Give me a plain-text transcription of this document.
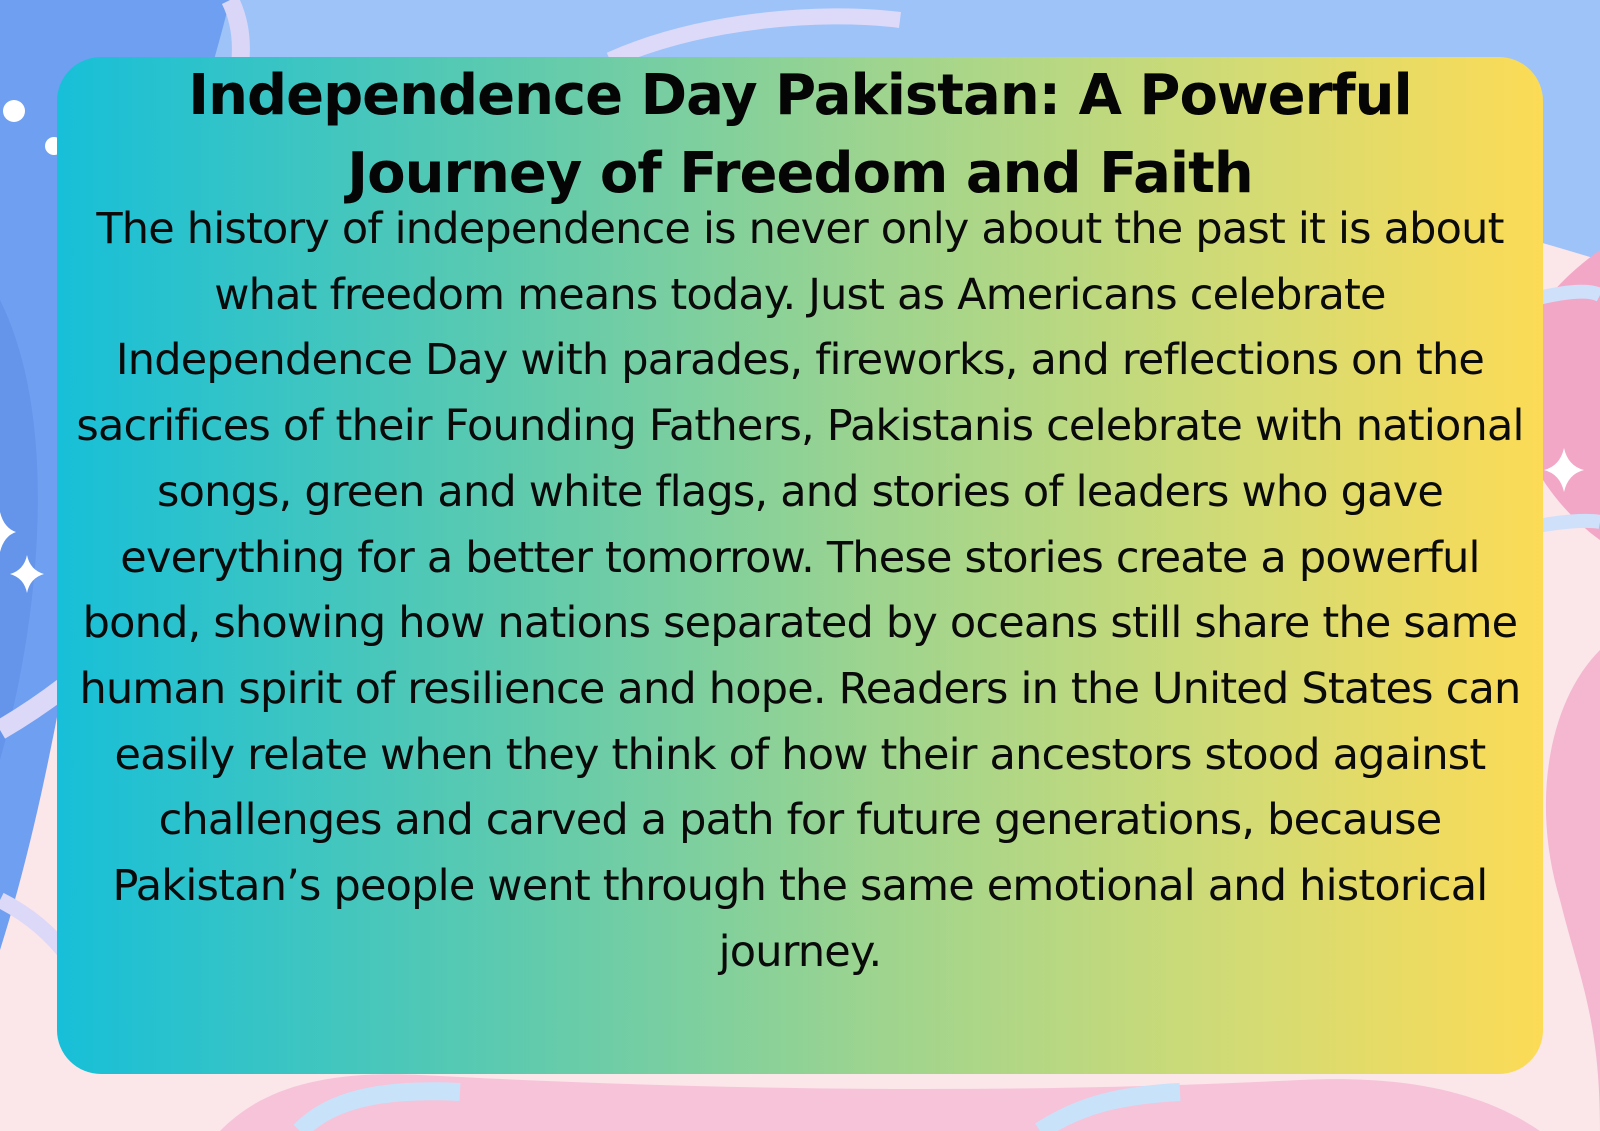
Independence Day Pakistan: A Powerful Journey of Freedom and Faith

The history of independence is never only about the past it is about what freedom means today. Just as Americans celebrate Independence Day with parades, fireworks, and reflections on the sacrifices of their Founding Fathers, Pakistanis celebrate with national songs, green and white flags, and stories of leaders who gave everything for a better tomorrow. These stories create a powerful bond, showing how nations separated by oceans still share the same human spirit of resilience and hope. Readers in the United States can easily relate when they think of how their ancestors stood against challenges and carved a path for future generations, because Pakistan’s people went through the same emotional and historical journey.
